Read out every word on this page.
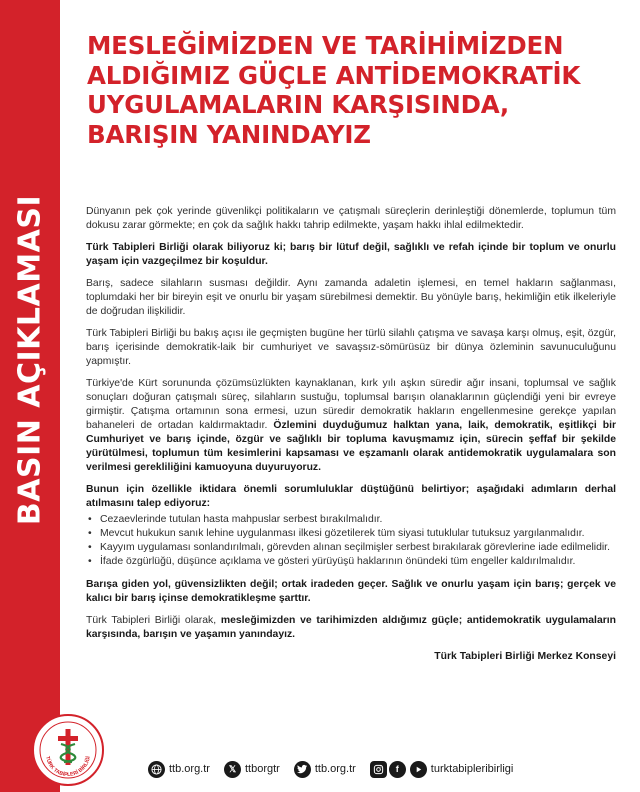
BASIN AÇIKLAMASI
TÜRK TABİPLERİ BİRLİĞİ
MESLEĞİMİZDEN VE TARİHİMİZDEN
ALDIĞIMIZ GÜÇLE ANTİDEMOKRATİK
UYGULAMALARIN KARŞISINDA,
BARIŞIN YANINDAYIZ

Dünyanın pek çok yerinde güvenlikçi politikaların ve çatışmalı süreçlerin derinleştiği dönemlerde, toplumun tüm dokusu zarar görmekte; en çok da sağlık hakkı tahrip edilmekte, yaşam hakkı ihlal edilmektedir.

Türk Tabipleri Birliği olarak biliyoruz ki; barış bir lütuf değil, sağlıklı ve refah içinde bir toplum ve onurlu yaşam için vazgeçilmez bir koşuldur.

Barış, sadece silahların susması değildir. Aynı zamanda adaletin işlemesi, en temel hakların sağlanması, toplumdaki her bir bireyin eşit ve onurlu bir yaşam sürebilmesi demektir. Bu yönüyle barış, hekimliğin etik ilkeleriyle de doğrudan ilişkilidir.

Türk Tabipleri Birliği bu bakış açısı ile geçmişten bugüne her türlü silahlı çatışma ve savaşa karşı olmuş, eşit, özgür, barış içerisinde demokratik-laik bir cumhuriyet ve savaşsız-sömürüsüz bir dünya özleminin savunuculuğunu yapmıştır.

Türkiye'de Kürt sorununda çözümsüzlükten kaynaklanan, kırk yılı aşkın süredir ağır insani, toplumsal ve sağlık sonuçları doğuran çatışmalı süreç, silahların sustuğu, toplumsal barışın olanaklarının güçlendiği yeni bir evreye girmiştir. Çatışma ortamının sona ermesi, uzun süredir demokratik hakların engellenmesine gerekçe yapılan bahaneleri de ortadan kaldırmaktadır. Özlemini duyduğumuz halktan yana, laik, demokratik, eşitlikçi bir Cumhuriyet ve barış içinde, özgür ve sağlıklı bir topluma kavuşmamız için, sürecin şeffaf bir şekilde yürütülmesi, toplumun tüm kesimlerini kapsaması ve eşzamanlı olarak antidemokratik uygulamalara son verilmesi gerekliliğini kamuoyuna duyuruyoruz.

Bunun için özellikle iktidara önemli sorumluluklar düştüğünü belirtiyor; aşağıdaki adımların derhal atılmasını talep ediyoruz:

• Cezaevlerinde tutulan hasta mahpuslar serbest bırakılmalıdır.
• Mevcut hukukun sanık lehine uygulanması ilkesi gözetilerek tüm siyasi tutuklular tutuksuz yargılanmalıdır.
• Kayyım uygulaması sonlandırılmalı, görevden alınan seçilmişler serbest bırakılarak görevlerine iade edilmelidir.
• İfade özgürlüğü, düşünce açıklama ve gösteri yürüyüşü haklarının önündeki tüm engeller kaldırılmalıdır.

Barışa giden yol, güvensizlikten değil; ortak iradeden geçer. Sağlık ve onurlu yaşam için barış; gerçek ve kalıcı bir barış içinse demokratikleşme şarttır.

Türk Tabipleri Birliği olarak, mesleğimizden ve tarihimizden aldığımız güçle; antidemokratik uygulamaların karşısında, barışın ve yaşamın yanındayız.

Türk Tabipleri Birliği Merkez Konseyi
ttb.org.tr	𝕏 ttborgtr	ttb.org.tr	f	turktabipleribirligi
